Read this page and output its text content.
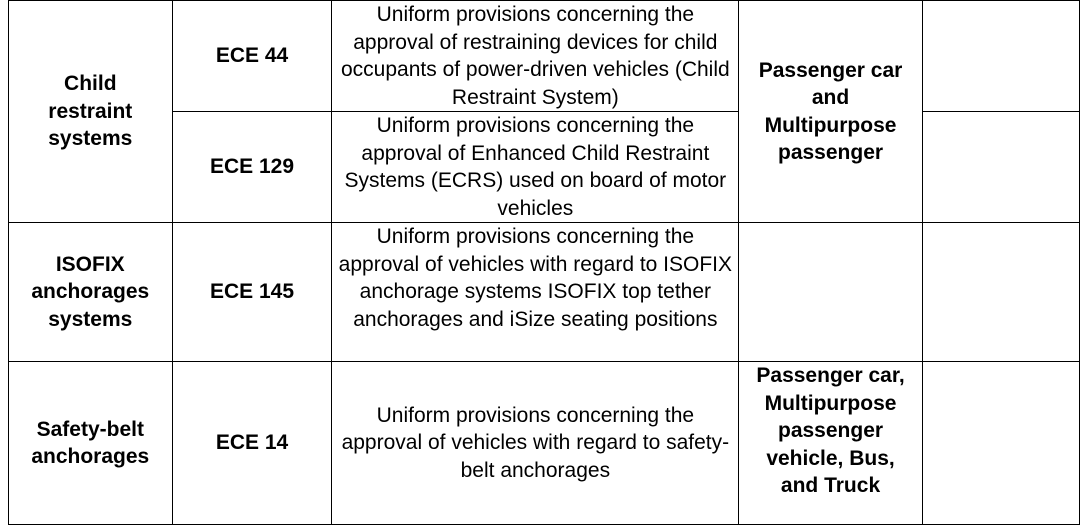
Child restraint systems	ECE 44	Uniform provisions concerning the approval of restraining devices for child occupants of power-driven vehicles (Child Restraint System)	Passenger car and Multipurpose passenger	

	ECE 129	Uniform provisions concerning the approval of Enhanced Child Restraint Systems (ECRS) used on board of motor vehicles		

ISOFIX anchorages systems	ECE 145	Uniform provisions concerning the approval of vehicles with regard to ISOFIX anchorage systems ISOFIX top tether anchorages and iSize seating positions		

Safety-belt anchorages	ECE 14	Uniform provisions concerning the approval of vehicles with regard to safety-belt anchorages	Passenger car, Multipurpose passenger vehicle, Bus, and Truck	
